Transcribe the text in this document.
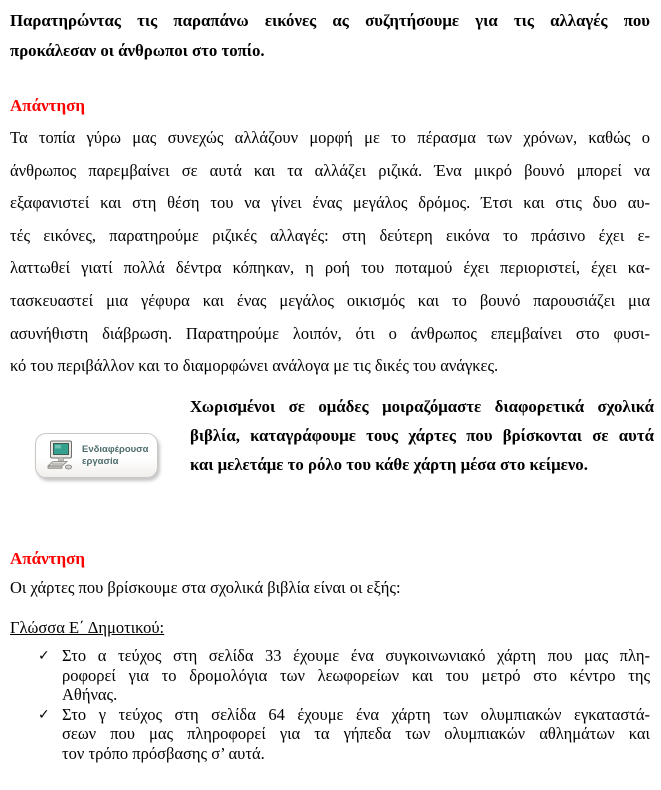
Παρατηρώντας τις παραπάνω εικόνες ας συζητήσουμε για τις αλλαγές που
προκάλεσαν οι άνθρωποι στο τοπίο.
Απάντηση
Τα τοπία γύρω μας συνεχώς αλλάζουν μορφή με το πέρασμα των χρόνων, καθώς ο
άνθρωπος παρεμβαίνει σε αυτά και τα αλλάζει ριζικά. Ένα μικρό βουνό μπορεί να
εξαφανιστεί και στη θέση του να γίνει ένας μεγάλος δρόμος. Έτσι και στις δυο αυ-
τές εικόνες, παρατηρούμε ριζικές αλλαγές: στη δεύτερη εικόνα το πράσινο έχει ε-
λαττωθεί γιατί πολλά δέντρα κόπηκαν, η ροή του ποταμού έχει περιοριστεί, έχει κα-
τασκευαστεί μια γέφυρα και ένας μεγάλος οικισμός και το βουνό παρουσιάζει μια
ασυνήθιστη διάβρωση. Παρατηρούμε λοιπόν, ότι ο άνθρωπος επεμβαίνει στο φυσι-
κό του περιβάλλον και το διαμορφώνει ανάλογα με τις δικές του ανάγκες.
Ενδιαφέρουσα
εργασία
Χωρισμένοι σε ομάδες μοιραζόμαστε διαφορετικά σχολικά
βιβλία, καταγράφουμε τους χάρτες που βρίσκονται σε αυτά
και μελετάμε το ρόλο του κάθε χάρτη μέσα στο κείμενο.
Απάντηση
Οι χάρτες που βρίσκουμε στα σχολικά βιβλία είναι οι εξής:
Γλώσσα Ε΄ Δημοτικού:
✓ Στο α τεύχος στη σελίδα 33 έχουμε ένα συγκοινωνιακό χάρτη που μας πλη-
ροφορεί για το δρομολόγια των λεωφορείων και του μετρό στο κέντρο της
Αθήνας.
✓ Στο γ τεύχος στη σελίδα 64 έχουμε ένα χάρτη των ολυμπιακών εγκαταστά-
σεων που μας πληροφορεί για τα γήπεδα των ολυμπιακών αθλημάτων και
τον τρόπο πρόσβασης σ’ αυτά.
